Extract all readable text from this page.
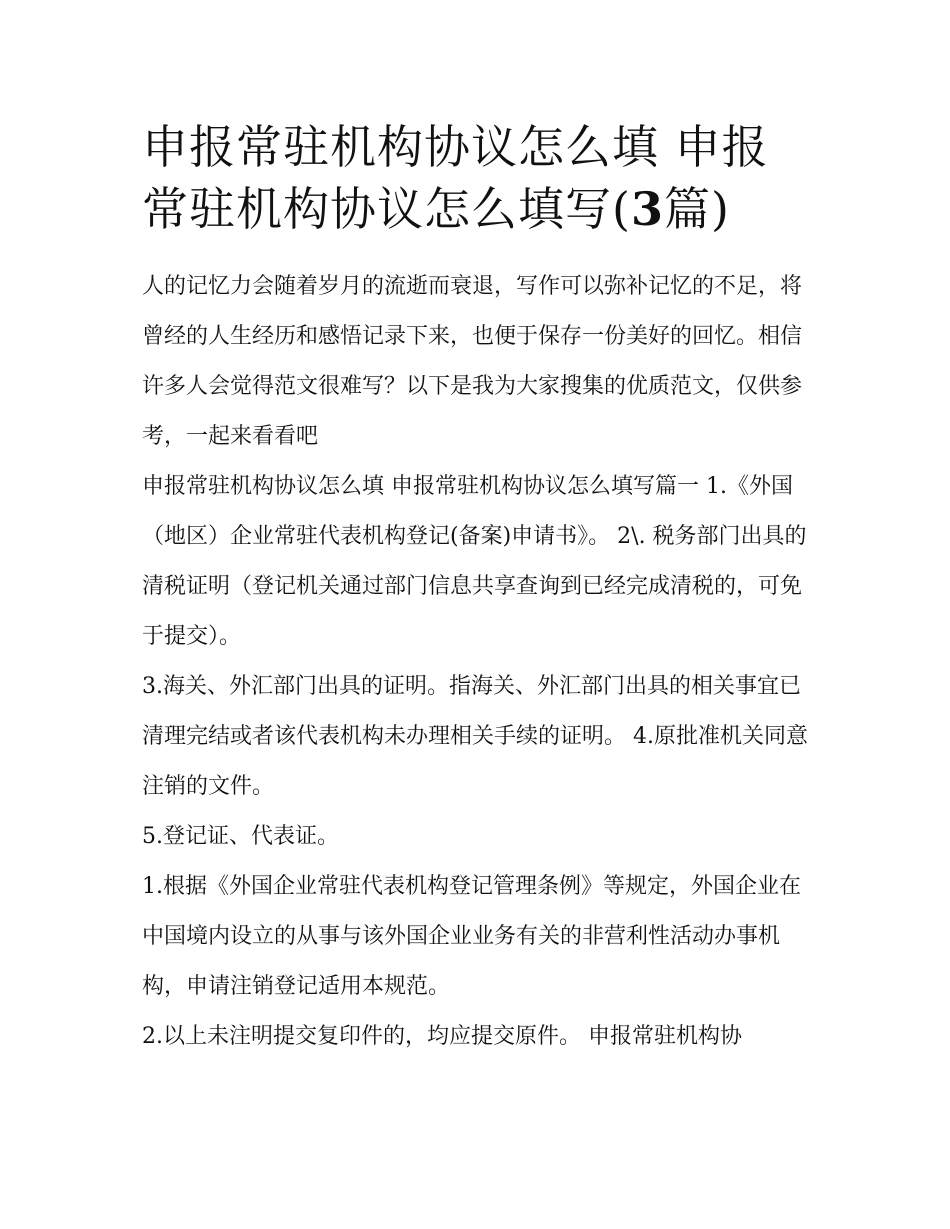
申报常驻机构协议怎么填 申报常驻机构协议怎么填写(3篇)

人的记忆力会随着岁月的流逝而衰退，写作可以弥补记忆的不足，将曾经的人生经历和感悟记录下来，也便于保存一份美好的回忆。相信许多人会觉得范文很难写？以下是我为大家搜集的优质范文，仅供参考，一起来看看吧

申报常驻机构协议怎么填 申报常驻机构协议怎么填写篇一 1.《外国（地区）企业常驻代表机构登记(备案)申请书》。 2\. 税务部门出具的清税证明（登记机关通过部门信息共享查询到已经完成清税的，可免于提交）。

3.海关、外汇部门出具的证明。指海关、外汇部门出具的相关事宜已清理完结或者该代表机构未办理相关手续的证明。 4.原批准机关同意注销的文件。

5.登记证、代表证。

1.根据《外国企业常驻代表机构登记管理条例》等规定，外国企业在中国境内设立的从事与该外国企业业务有关的非营利性活动办事机构，申请注销登记适用本规范。

2.以上未注明提交复印件的，均应提交原件。 申报常驻机构协
